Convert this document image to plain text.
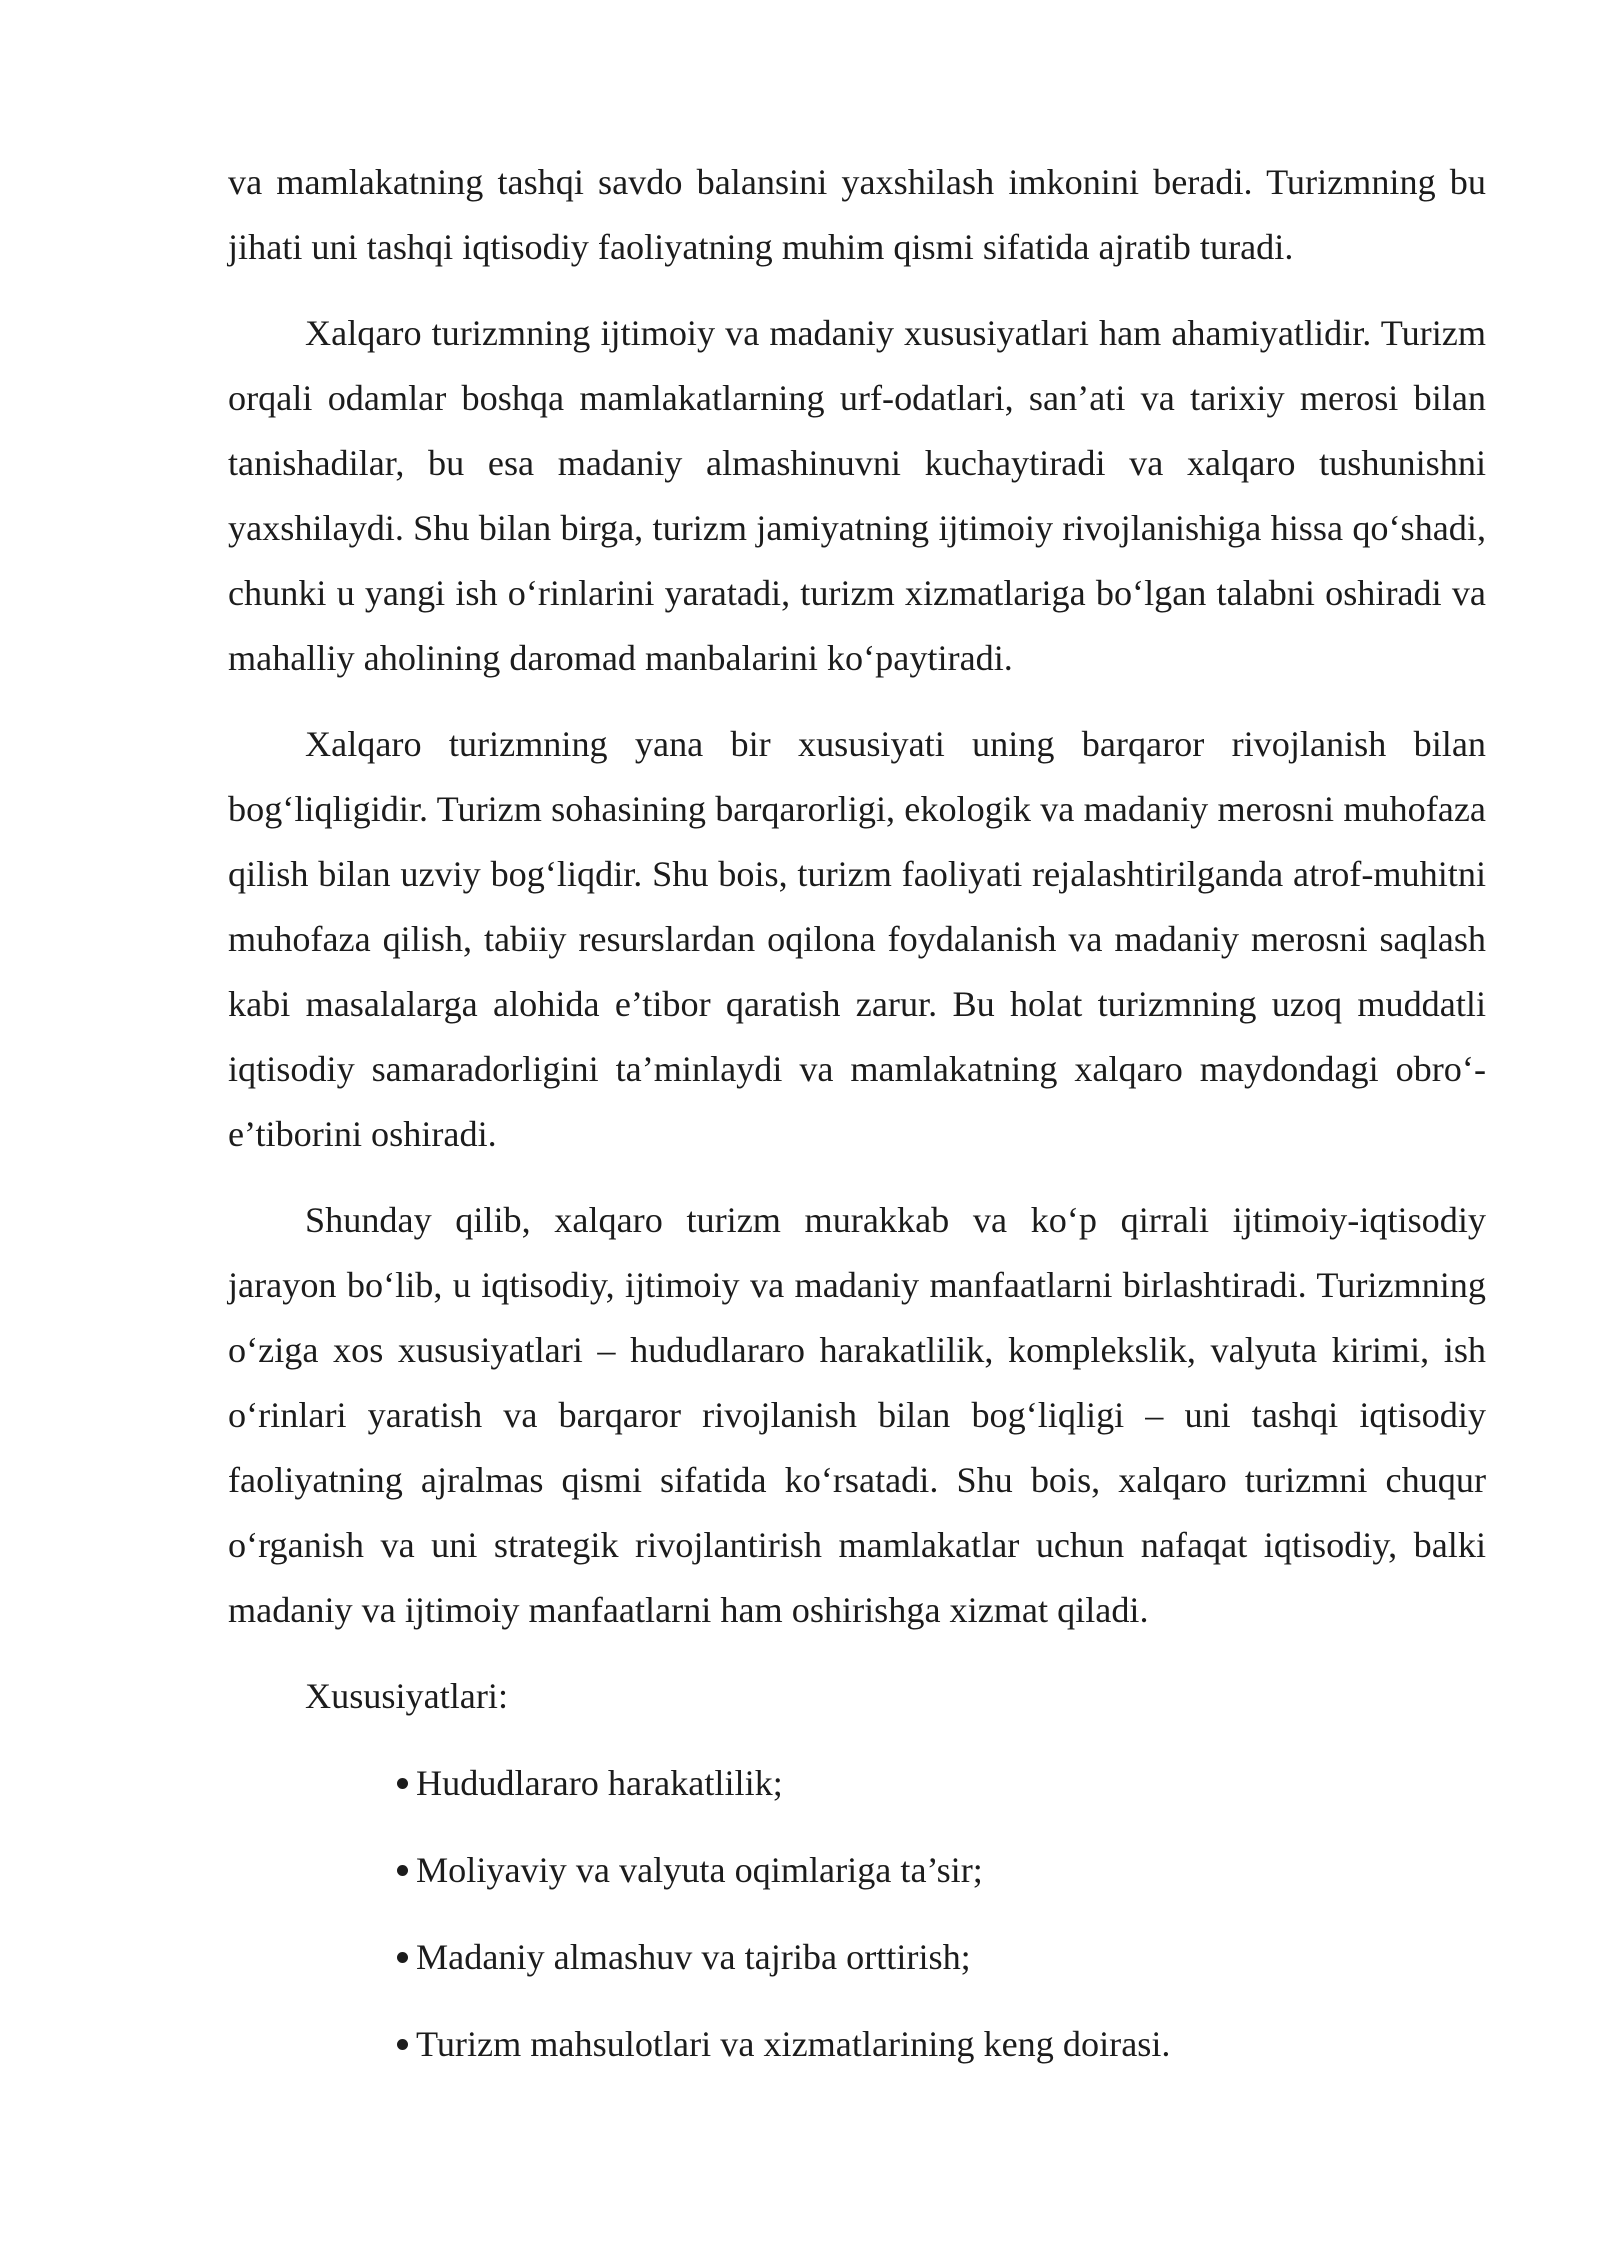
va mamlakatning tashqi savdo balansini yaxshilash imkonini beradi. Turizmning bu jihati uni tashqi iqtisodiy faoliyatning muhim qismi sifatida ajratib turadi.

Xalqaro turizmning ijtimoiy va madaniy xususiyatlari ham ahamiyatlidir. Turizm orqali odamlar boshqa mamlakatlarning urf-odatlari, san’ati va tarixiy merosi bilan tanishadilar, bu esa madaniy almashinuvni kuchaytiradi va xalqaro tushunishni yaxshilaydi. Shu bilan birga, turizm jamiyatning ijtimoiy rivojlanishiga hissa qo‘shadi, chunki u yangi ish o‘rinlarini yaratadi, turizm xizmatlariga bo‘lgan talabni oshiradi va mahalliy aholining daromad manbalarini ko‘paytiradi.

Xalqaro turizmning yana bir xususiyati uning barqaror rivojlanish bilan bog‘liqligidir. Turizm sohasining barqarorligi, ekologik va madaniy merosni muhofaza qilish bilan uzviy bog‘liqdir. Shu bois, turizm faoliyati rejalashtirilganda atrof-muhitni muhofaza qilish, tabiiy resurslardan oqilona foydalanish va madaniy merosni saqlash kabi masalalarga alohida e’tibor qaratish zarur. Bu holat turizmning uzoq muddatli iqtisodiy samaradorligini ta’minlaydi va mamlakatning xalqaro maydondagi obro‘-e’tiborini oshiradi.

Shunday qilib, xalqaro turizm murakkab va ko‘p qirrali ijtimoiy-iqtisodiy jarayon bo‘lib, u iqtisodiy, ijtimoiy va madaniy manfaatlarni birlashtiradi. Turizmning o‘ziga xos xususiyatlari – hududlararo harakatlilik, komplekslik, valyuta kirimi, ish o‘rinlari yaratish va barqaror rivojlanish bilan bog‘liqligi – uni tashqi iqtisodiy faoliyatning ajralmas qismi sifatida ko‘rsatadi. Shu bois, xalqaro turizmni chuqur o‘rganish va uni strategik rivojlantirish mamlakatlar uchun nafaqat iqtisodiy, balki madaniy va ijtimoiy manfaatlarni ham oshirishga xizmat qiladi.

Xususiyatlari:

Hududlararo harakatlilik;
Moliyaviy va valyuta oqimlariga ta’sir;
Madaniy almashuv va tajriba orttirish;
Turizm mahsulotlari va xizmatlarining keng doirasi.
